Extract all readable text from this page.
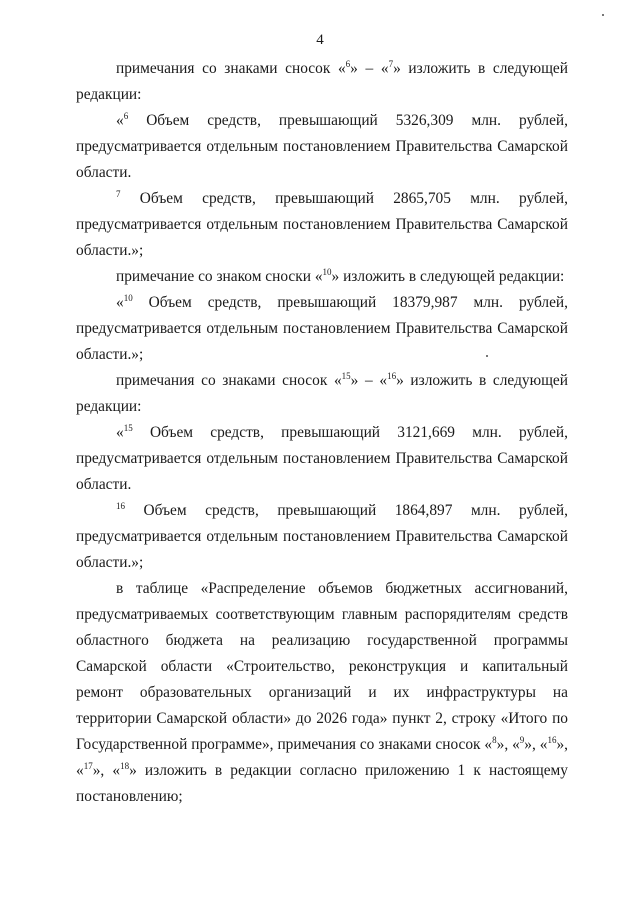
4

примечания со знаками сносок «$^6$» – «$^7$» изложить в следующей редакции:

«$^6$ Объем средств, превышающий 5326,309 млн. рублей, предусматривается отдельным постановлением Правительства Самарской области.

$^7$ Объем средств, превышающий 2865,705 млн. рублей, предусматривается отдельным постановлением Правительства Самарской области.»;

примечание со знаком сноски «$^{10}$» изложить в следующей редакции:

«$^{10}$ Объем средств, превышающий 18379,987 млн. рублей, предусматривается отдельным постановлением Правительства Самарской области.»;

примечания со знаками сносок «$^{15}$» – «$^{16}$» изложить в следующей редакции:

«$^{15}$ Объем средств, превышающий 3121,669 млн. рублей, предусматривается отдельным постановлением Правительства Самарской области.

$^{16}$ Объем средств, превышающий 1864,897 млн. рублей, предусматривается отдельным постановлением Правительства Самарской области.»;

в таблице «Распределение объемов бюджетных ассигнований, предусматриваемых соответствующим главным распорядителям средств областного бюджета на реализацию государственной программы Самарской области «Строительство, реконструкция и капитальный ремонт образовательных организаций и их инфраструктуры на территории Самарской области» до 2026 года» пункт 2, строку «Итого по Государственной программе», примечания со знаками сносок «$^8$», «$^9$», «$^{16}$», «$^{17}$», «$^{18}$» изложить в редакции согласно приложению 1 к настоящему постановлению;
